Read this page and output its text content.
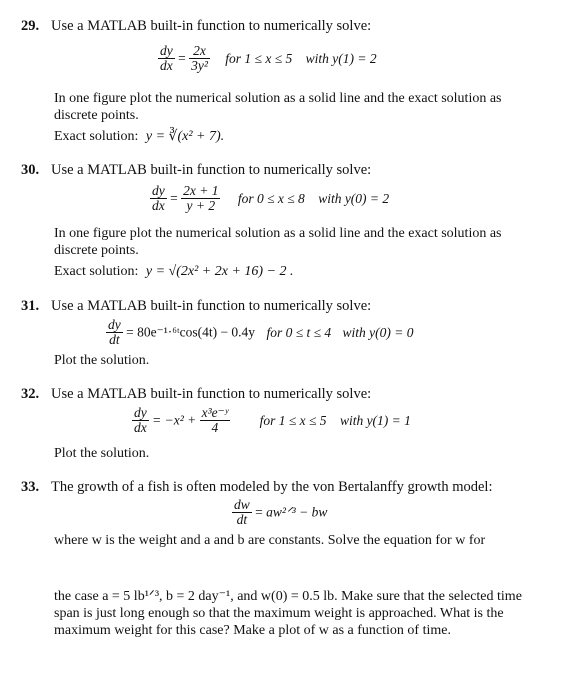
29. Use a MATLAB built-in function to numerically solve:
$\frac{dy}{dx} = \frac{2x}{\text{3y²}}$ for 1 ≤ x ≤ 5 with y(1) = 2
In one figure plot the numerical solution as a solid line and the exact solution as discrete points.
Exact solution: y = ∛(x² + 7).
30. Use a MATLAB built-in function to numerically solve:
$\frac{dy}{dx} = \frac{2x + 1}{y + 2}$ for 0 ≤ x ≤ 8 with y(0) = 2
In one figure plot the numerical solution as a solid line and the exact solution as discrete points.
Exact solution: y = √(2x² + 2x + 16) − 2 .
31. Use a MATLAB built-in function to numerically solve:
$\frac{dy}{dt}$ = 80e⁻¹·⁶ᵗcos(4t) − 0.4y for 0 ≤ t ≤ 4 with y(0) = 0
Plot the solution.
32. Use a MATLAB built-in function to numerically solve:
$\frac{dy}{dx} = -x^2 + \frac{\text{x³e⁻ʸ}}{4}$ for 1 ≤ x ≤ 5 with y(1) = 1
Plot the solution.
33. The growth of a fish is often modeled by the von Bertalanffy growth model:
$\frac{dw}{dt}$ = aw²ᐟ³ − bw
where w is the weight and a and b are constants. Solve the equation for w for
the case a = 5 lb¹ᐟ³, b = 2 day⁻¹, and w(0) = 0.5 lb. Make sure that the selected time span is just long enough so that the maximum weight is approached. What is the maximum weight for this case? Make a plot of w as a function of time.
